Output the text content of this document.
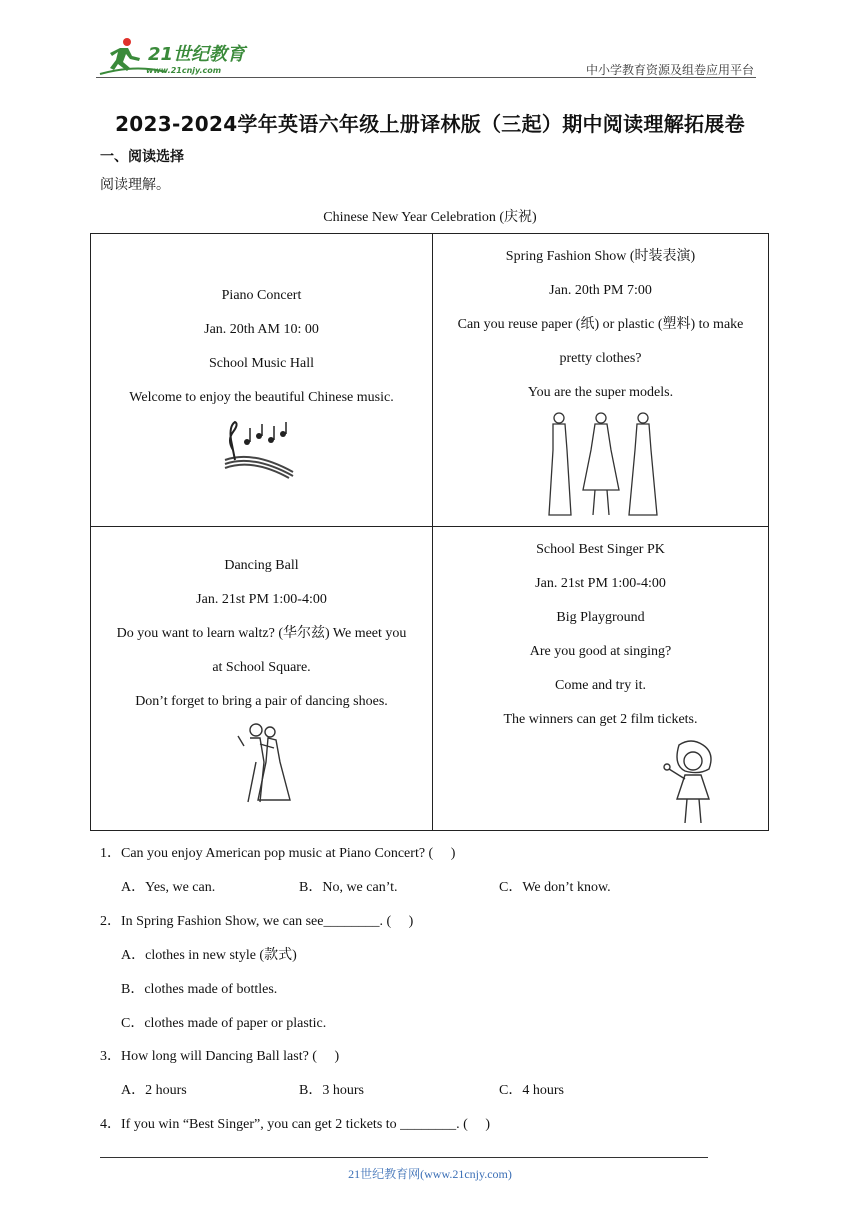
21世纪教育
www.21cnjy.com	中小学教育资源及组卷应用平台
2023-2024学年英语六年级上册译林版（三起）期中阅读理解拓展卷
一、阅读选择
阅读理解。
Chinese New Year Celebration (庆祝)

Piano Concert

Jan. 20th AM 10: 00

School Music Hall

Welcome to enjoy the beautiful Chinese music.

Spring Fashion Show (时装表演)

Jan. 20th PM 7:00

Can you reuse paper (纸) or plastic (塑料) to make

pretty clothes?

You are the super models.

Dancing Ball

Jan. 21st PM 1:00-4:00

Do you want to learn waltz? (华尔兹) We meet you

at School Square.

Don’t forget to bring a pair of dancing shoes.

School Best Singer PK

Jan. 21st PM 1:00-4:00

Big Playground

Are you good at singing?

Come and try it.

The winners can get 2 film tickets.

1．Can you enjoy American pop music at Piano Concert? (　 )
A．Yes, we can.	B．No, we can’t.	C．We don’t know.
2．In Spring Fashion Show, we can see________. (　 )
A．clothes in new style (款式)
B．clothes made of bottles.
C．clothes made of paper or plastic.
3．How long will Dancing Ball last? (　 )
A．2 hours	B．3 hours	C．4 hours
4．If you win “Best Singer”, you can get 2 tickets to ________. (　 )
21世纪教育网(www.21cnjy.com)
